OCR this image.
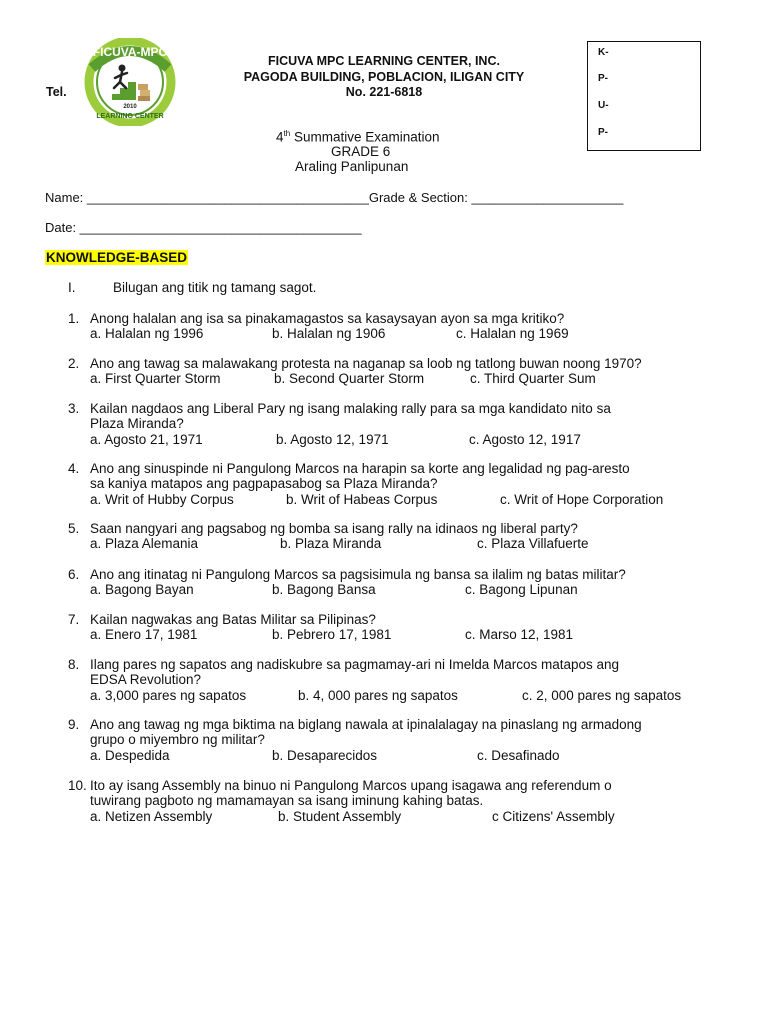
FICUVA-MPC
LEARNING CENTER
2010
Tel.
FICUVA MPC LEARNING CENTER, INC.
PAGODA BUILDING, POBLACION, ILIGAN CITY
No. 221-6818
K-
P-
U-
P-
4th Summative Examination
GRADE 6
Araling Panlipunan
Name: _______________________________________Grade & Section: _____________________
Date: _______________________________________
KNOWLEDGE-BASED
I.	Bilugan ang titik ng tamang sagot.
1. Anong halalan ang isa sa pinakamagastos sa kasaysayan ayon sa mga kritiko?
a. Halalan ng 1996	b. Halalan ng 1906	c. Halalan ng 1969
2. Ano ang tawag sa malawakang protesta na naganap sa loob ng tatlong buwan noong 1970?
a. First Quarter Storm	b. Second Quarter Storm	c. Third Quarter Sum
3. Kailan nagdaos ang Liberal Pary ng isang malaking rally para sa mga kandidato nito sa
Plaza Miranda?
a. Agosto 21, 1971	b. Agosto 12, 1971	c. Agosto 12, 1917
4. Ano ang sinuspinde ni Pangulong Marcos na harapin sa korte ang legalidad ng pag-aresto
sa kaniya matapos ang pagpapasabog sa Plaza Miranda?
a. Writ of Hubby Corpus	b. Writ of Habeas Corpus	c. Writ of Hope Corporation
5. Saan nangyari ang pagsabog ng bomba sa isang rally na idinaos ng liberal party?
a. Plaza Alemania	b. Plaza Miranda	c. Plaza Villafuerte
6. Ano ang itinatag ni Pangulong Marcos sa pagsisimula ng bansa sa ilalim ng batas militar?
a. Bagong Bayan	b. Bagong Bansa	c. Bagong Lipunan
7. Kailan nagwakas ang Batas Militar sa Pilipinas?
a. Enero 17, 1981	b. Pebrero 17, 1981	c. Marso 12, 1981
8. Ilang pares ng sapatos ang nadiskubre sa pagmamay-ari ni Imelda Marcos matapos ang
EDSA Revolution?
a. 3,000 pares ng sapatos	b. 4, 000 pares ng sapatos	c. 2, 000 pares ng sapatos
9. Ano ang tawag ng mga biktima na biglang nawala at ipinalalagay na pinaslang ng armadong
grupo o miyembro ng militar?
a. Despedida	b. Desaparecidos	c. Desafinado
10. Ito ay isang Assembly na binuo ni Pangulong Marcos upang isagawa ang referendum o
tuwirang pagboto ng mamamayan sa isang iminung kahing batas.
a. Netizen Assembly	b. Student Assembly	c Citizens' Assembly
